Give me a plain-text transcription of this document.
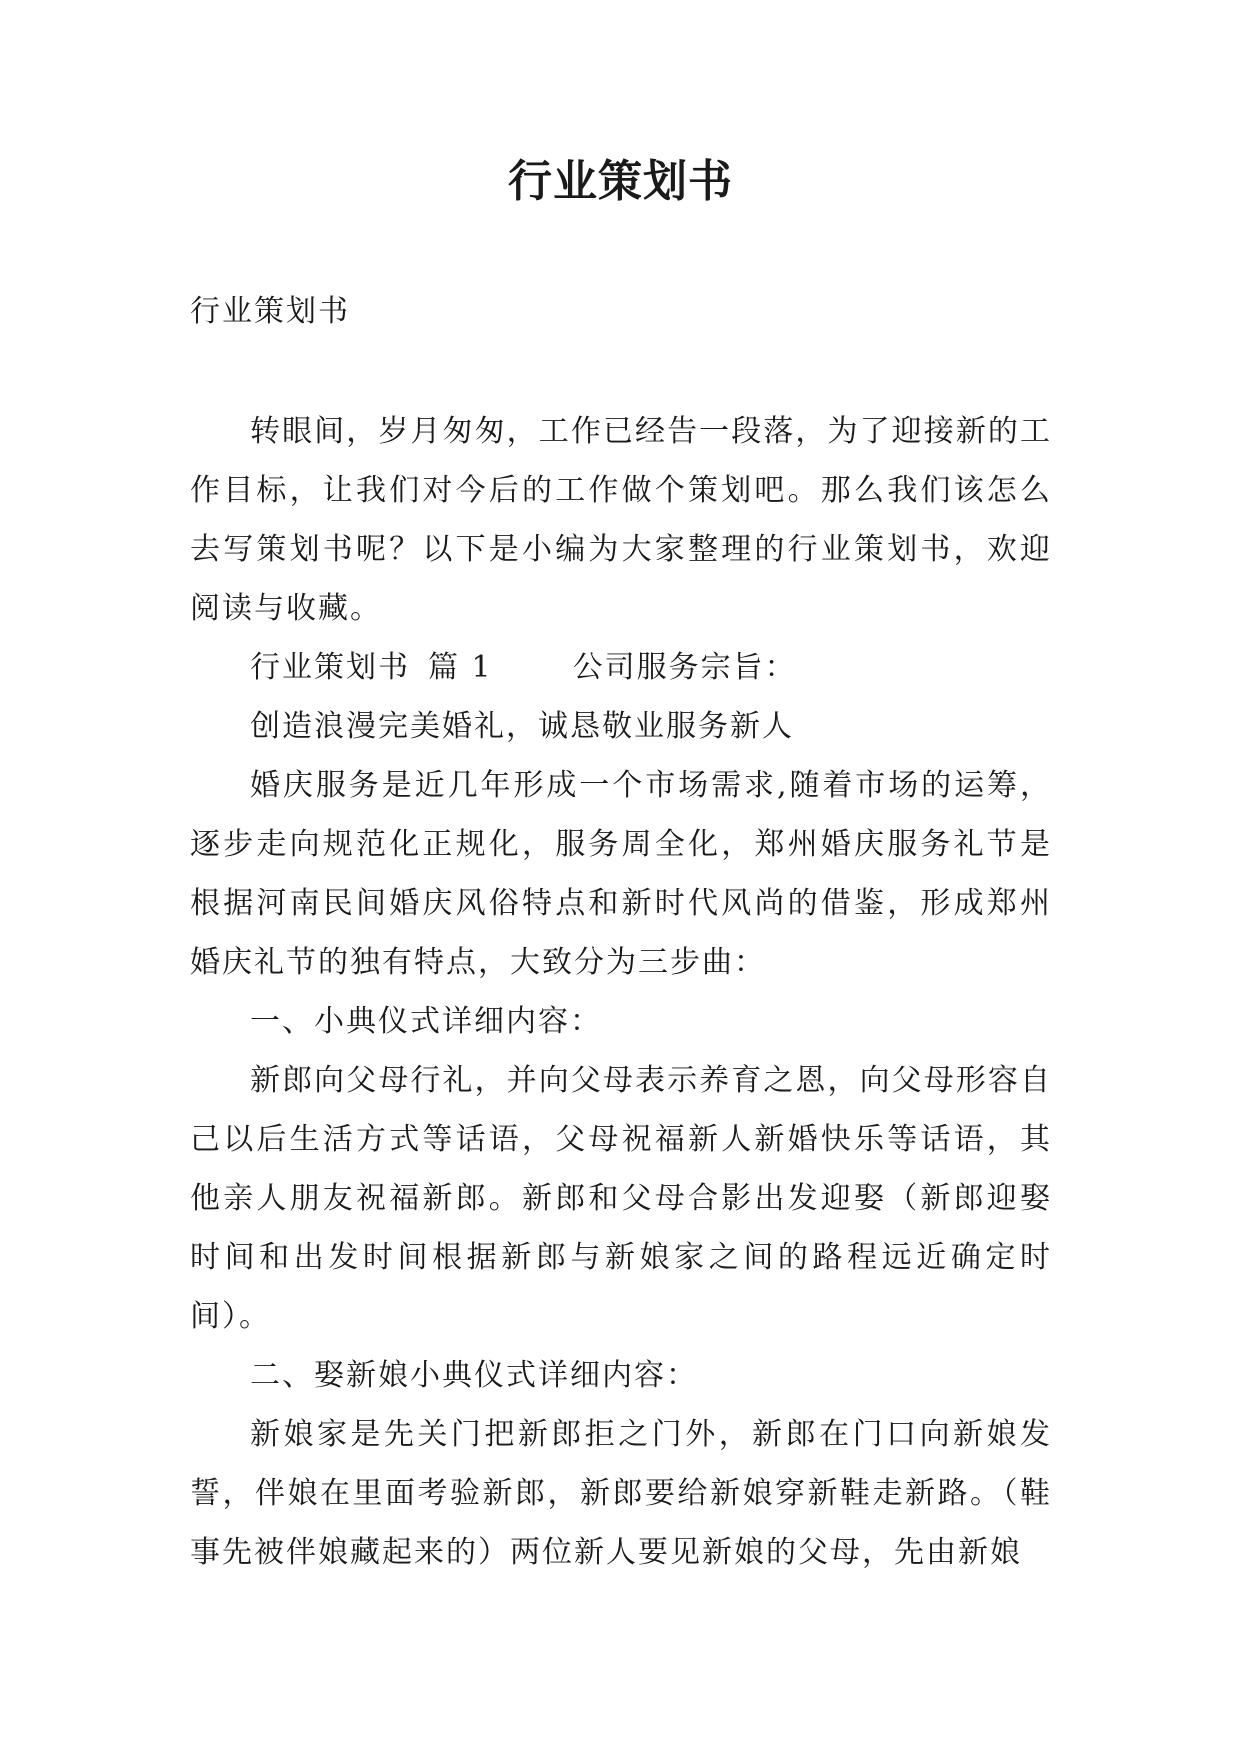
行业策划书

行业策划书

转眼间，岁月匆匆，工作已经告一段落，为了迎接新的工作目标，让我们对今后的工作做个策划吧。那么我们该怎么去写策划书呢？以下是小编为大家整理的行业策划书，欢迎阅读与收藏。

行业策划书 篇 1	公司服务宗旨：

创造浪漫完美婚礼，诚恳敬业服务新人

婚庆服务是近几年形成一个市场需求,随着市场的运筹，逐步走向规范化正规化，服务周全化，郑州婚庆服务礼节是根据河南民间婚庆风俗特点和新时代风尚的借鉴，形成郑州婚庆礼节的独有特点，大致分为三步曲：

一、小典仪式详细内容：

新郎向父母行礼，并向父母表示养育之恩，向父母形容自己以后生活方式等话语，父母祝福新人新婚快乐等话语，其他亲人朋友祝福新郎。新郎和父母合影出发迎娶（新郎迎娶时间和出发时间根据新郎与新娘家之间的路程远近确定时间）。

二、娶新娘小典仪式详细内容：

新娘家是先关门把新郎拒之门外，新郎在门口向新娘发誓，伴娘在里面考验新郎，新郎要给新娘穿新鞋走新路。（鞋事先被伴娘藏起来的）两位新人要见新娘的父母，先由新娘
